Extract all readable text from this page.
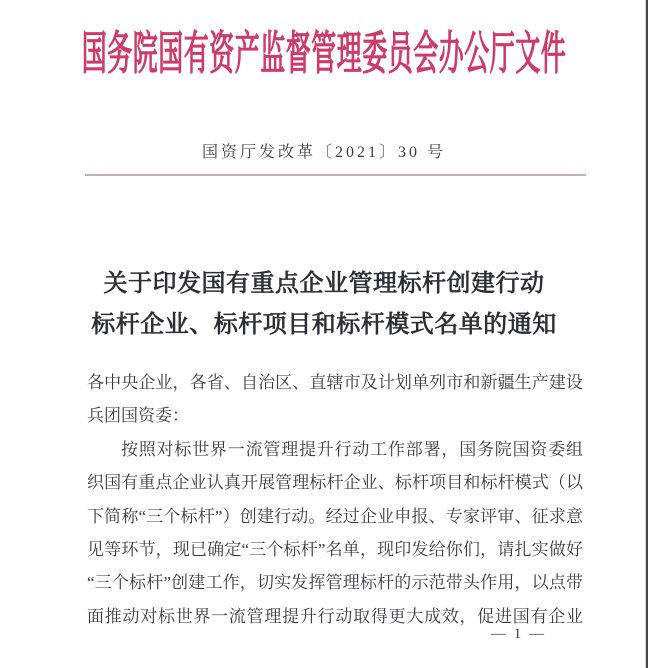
国务院国有资产监督管理委员会办公厅文件
国资厅发改革〔2021〕30 号
关于印发国有重点企业管理标杆创建行动
标杆企业、标杆项目和标杆模式名单的通知
各中央企业，各省、自治区、直辖市及计划单列市和新疆生产建设
兵团国资委：
按照对标世界一流管理提升行动工作部署，国务院国资委组
织国有重点企业认真开展管理标杆企业、标杆项目和标杆模式（以
下简称“三个标杆”）创建行动。经过企业申报、专家评审、征求意
见等环节，现已确定“三个标杆”名单，现印发给你们，请扎实做好
“三个标杆”创建工作，切实发挥管理标杆的示范带头作用，以点带
面推动对标世界一流管理提升行动取得更大成效，促进国有企业
— 1 —
